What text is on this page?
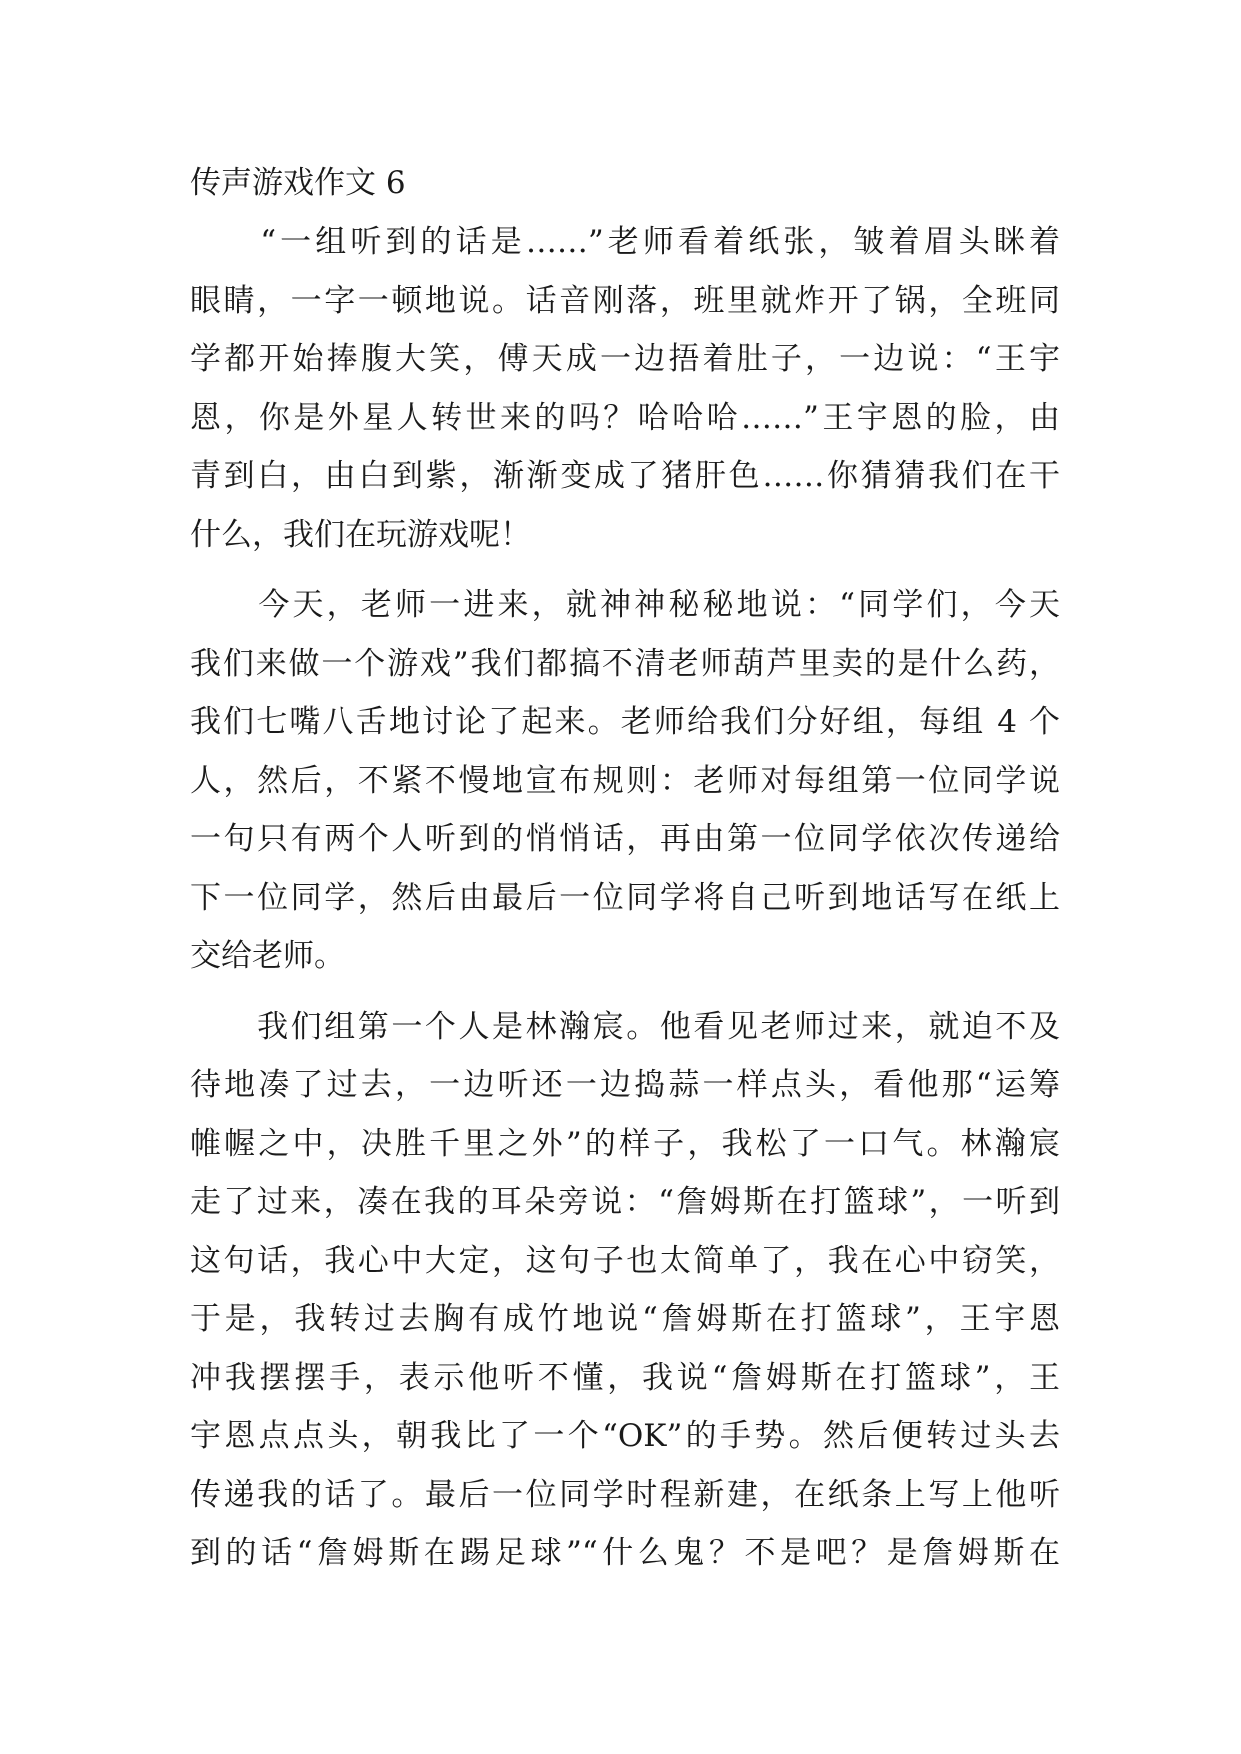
传声游戏作文 6
　　“一组听到的话是……”老师看着纸张，皱着眉头眯着
眼睛，一字一顿地说。话音刚落，班里就炸开了锅，全班同
学都开始捧腹大笑，傅天成一边捂着肚子，一边说：“王宇
恩，你是外星人转世来的吗？哈哈哈……”王宇恩的脸，由
青到白，由白到紫，渐渐变成了猪肝色……你猜猜我们在干
什么，我们在玩游戏呢！
　　今天，老师一进来，就神神秘秘地说：“同学们，今天
我们来做一个游戏”我们都搞不清老师葫芦里卖的是什么药，
我们七嘴八舌地讨论了起来。老师给我们分好组，每组 4 个
人，然后，不紧不慢地宣布规则：老师对每组第一位同学说
一句只有两个人听到的悄悄话，再由第一位同学依次传递给
下一位同学，然后由最后一位同学将自己听到地话写在纸上
交给老师。
　　我们组第一个人是林瀚宸。他看见老师过来，就迫不及
待地凑了过去，一边听还一边捣蒜一样点头，看他那“运筹
帷幄之中，决胜千里之外”的样子，我松了一口气。林瀚宸
走了过来，凑在我的耳朵旁说：“詹姆斯在打篮球”，一听到
这句话，我心中大定，这句子也太简单了，我在心中窃笑，
于是，我转过去胸有成竹地说“詹姆斯在打篮球”，王宇恩
冲我摆摆手，表示他听不懂，我说“詹姆斯在打篮球”，王
宇恩点点头，朝我比了一个“OK”的手势。然后便转过头去
传递我的话了。最后一位同学时程新建，在纸条上写上他听
到的话“詹姆斯在踢足球”“什么鬼？不是吧？是詹姆斯在
